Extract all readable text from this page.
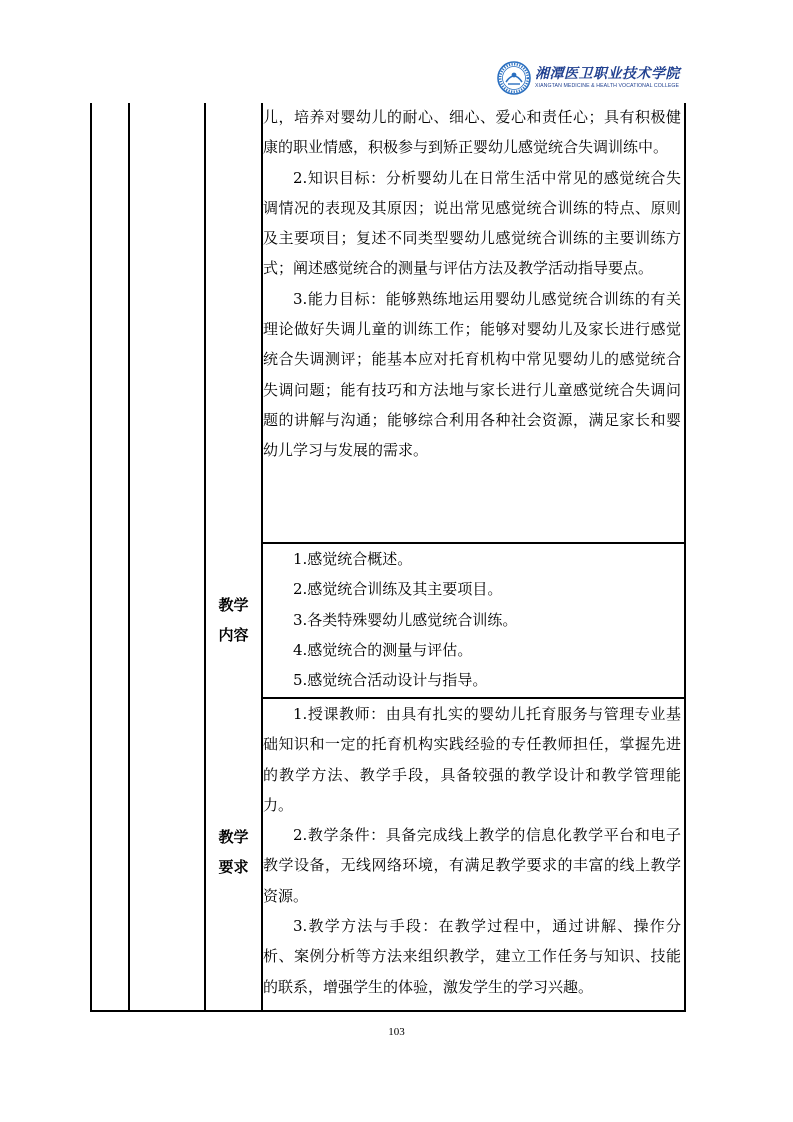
湘潭医卫职业技术学院
XIANGTAN MEDICINE & HEALTH VOCATIONAL COLLEGE

儿，培养对婴幼儿的耐心、细心、爱心和责任心；具有积极健康的职业情感，积极参与到矫正婴幼儿感觉统合失调训练中。

2.知识目标：分析婴幼儿在日常生活中常见的感觉统合失调情况的表现及其原因；说出常见感觉统合训练的特点、原则及主要项目；复述不同类型婴幼儿感觉统合训练的主要训练方式；阐述感觉统合的测量与评估方法及教学活动指导要点。

3.能力目标：能够熟练地运用婴幼儿感觉统合训练的有关理论做好失调儿童的训练工作；能够对婴幼儿及家长进行感觉统合失调测评；能基本应对托育机构中常见婴幼儿的感觉统合失调问题；能有技巧和方法地与家长进行儿童感觉统合失调问题的讲解与沟通；能够综合利用各种社会资源，满足家长和婴幼儿学习与发展的需求。

教学
内容

1.感觉统合概述。

2.感觉统合训练及其主要项目。

3.各类特殊婴幼儿感觉统合训练。

4.感觉统合的测量与评估。

5.感觉统合活动设计与指导。

教学
要求

1.授课教师：由具有扎实的婴幼儿托育服务与管理专业基础知识和一定的托育机构实践经验的专任教师担任，掌握先进的教学方法、教学手段，具备较强的教学设计和教学管理能力。

2.教学条件：具备完成线上教学的信息化教学平台和电子教学设备，无线网络环境，有满足教学要求的丰富的线上教学资源。

3.教学方法与手段：在教学过程中，通过讲解、操作分析、案例分析等方法来组织教学，建立工作任务与知识、技能的联系，增强学生的体验，激发学生的学习兴趣。

103
